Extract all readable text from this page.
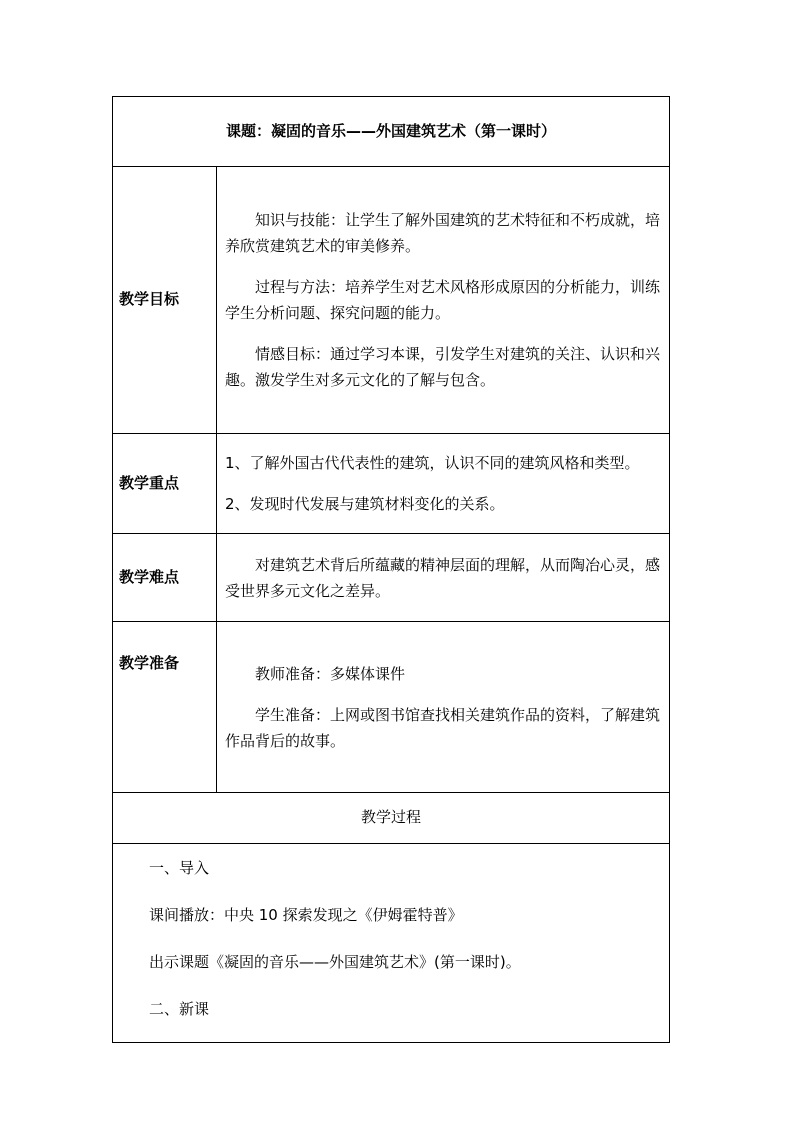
课题：凝固的音乐——外国建筑艺术（第一课时）	
教学目标	知识与技能：让学生了解外国建筑的艺术特征和不朽成就，培养欣赏建筑艺术的审美修养。

过程与方法：培养学生对艺术风格形成原因的分析能力，训练学生分析问题、探究问题的能力。

情感目标：通过学习本课，引发学生对建筑的关注、认识和兴趣。激发学生对多元文化的了解与包含。

教学重点	1、了解外国古代代表性的建筑，认识不同的建筑风格和类型。

2、发现时代发展与建筑材料变化的关系。

教学难点	对建筑艺术背后所蕴藏的精神层面的理解，从而陶冶心灵，感受世界多元文化之差异。

教学准备	教师准备：多媒体课件

学生准备：上网或图书馆查找相关建筑作品的资料，了解建筑作品背后的故事。

教学过程	

一、导入

课间播放：中央 10 探索发现之《伊姆霍特普》

出示课题《凝固的音乐——外国建筑艺术》(第一课时)。

二、新课	
